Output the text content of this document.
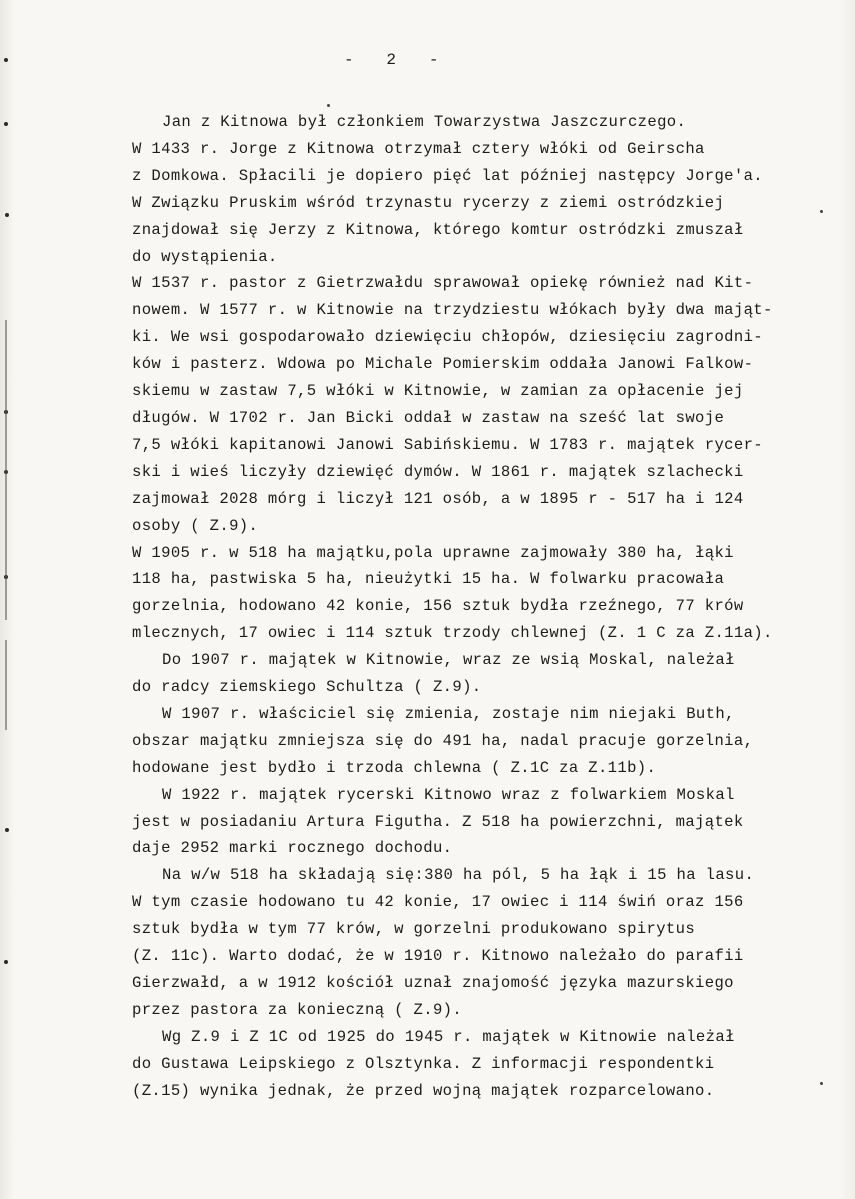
-   2   -
Jan z Kitnowa był członkiem Towarzystwa Jaszczurczego.
W 1433 r. Jorge z Kitnowa otrzymał cztery włóki od Geirscha
z Domkowa. Spłacili je dopiero pięć lat później następcy Jorge'a.
W Związku Pruskim wśród trzynastu rycerzy z ziemi ostródzkiej
znajdował się Jerzy z Kitnowa, którego komtur ostródzki zmuszał
do wystąpienia.
W 1537 r. pastor z Gietrzwałdu sprawował opiekę również nad Kit-
nowem. W 1577 r. w Kitnowie na trzydziestu włókach były dwa mająt-
ki. We wsi gospodarowało dziewięciu chłopów, dziesięciu zagrodni-
ków i pasterz. Wdowa po Michale Pomierskim oddała Janowi Falkow-
skiemu w zastaw 7,5 włóki w Kitnowie, w zamian za opłacenie jej
długów. W 1702 r. Jan Bicki oddał w zastaw na sześć lat swoje
7,5 włóki kapitanowi Janowi Sabińskiemu. W 1783 r. majątek rycer-
ski i wieś liczyły dziewięć dymów. W 1861 r. majątek szlachecki
zajmował 2028 mórg i liczył 121 osób, a w 1895 r - 517 ha i 124
osoby ( Z.9).
W 1905 r. w 518 ha majątku,pola uprawne zajmowały 380 ha, łąki
118 ha, pastwiska 5 ha, nieużytki 15 ha. W folwarku pracowała
gorzelnia, hodowano 42 konie, 156 sztuk bydła rzeźnego, 77 krów
mlecznych, 17 owiec i 114 sztuk trzody chlewnej (Z. 1 C za Z.11a).
Do 1907 r. majątek w Kitnowie, wraz ze wsią Moskal, należał
do radcy ziemskiego Schultza ( Z.9).
W 1907 r. właściciel się zmienia, zostaje nim niejaki Buth,
obszar majątku zmniejsza się do 491 ha, nadal pracuje gorzelnia,
hodowane jest bydło i trzoda chlewna ( Z.1C za Z.11b).
W 1922 r. majątek rycerski Kitnowo wraz z folwarkiem Moskal
jest w posiadaniu Artura Figutha. Z 518 ha powierzchni, majątek
daje 2952 marki rocznego dochodu.
Na w/w 518 ha składają się:380 ha pól, 5 ha łąk i 15 ha lasu.
W tym czasie hodowano tu 42 konie, 17 owiec i 114 świń oraz 156
sztuk bydła w tym 77 krów, w gorzelni produkowano spirytus
(Z. 11c). Warto dodać, że w 1910 r. Kitnowo należało do parafii
Gierzwałd, a w 1912 kościół uznał znajomość języka mazurskiego
przez pastora za konieczną ( Z.9).
Wg Z.9 i Z 1C od 1925 do 1945 r. majątek w Kitnowie należał
do Gustawa Leipskiego z Olsztynka. Z informacji respondentki
(Z.15) wynika jednak, że przed wojną majątek rozparcelowano.
